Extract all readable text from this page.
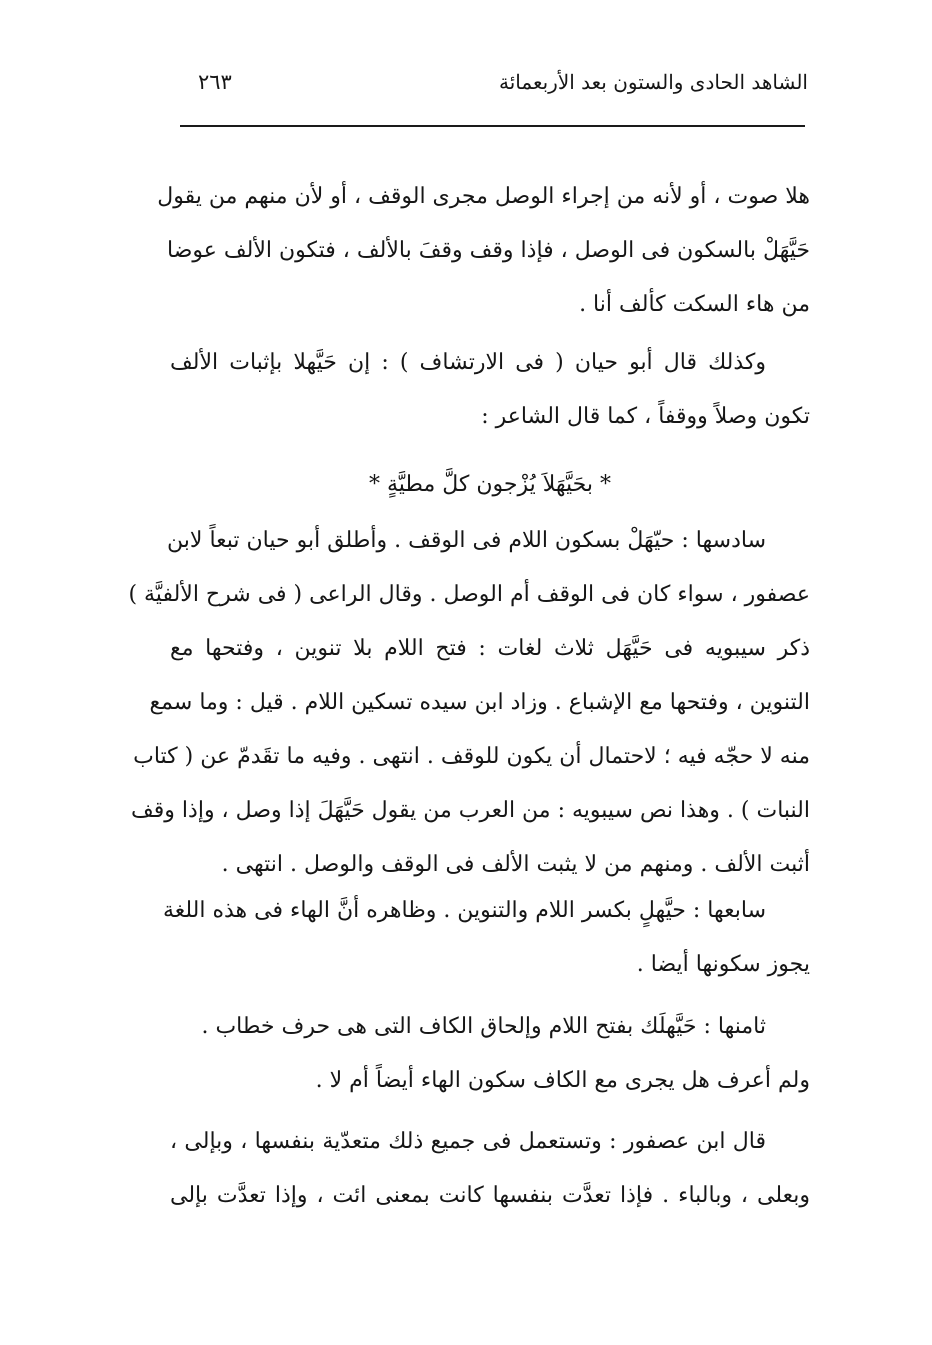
الشاهد الحادى والستون بعد الأربعمائة
٢٦٣
هلا صوت ، أو لأنه من إجراء الوصل مجرى الوقف ، أو لأن منهم من يقول
حَيَّهَلْ بالسكون فى الوصل ، فإذا وقف وقفَ بالألف ، فتكون الألف عوضا
من هاء السكت كألف أنا .
وكذلك قال أبو حيان ( فى الارتشاف ) : إن حَيَّهلا بإثبات الألف
تكون وصلاً ووقفاً ، كما قال الشاعر :
* بحَيَّهَلاَ يُزْجون كلَّ مطيَّةٍ *
سادسها : حيّهَلْ بسكون اللام فى الوقف . وأطلق أبو حيان تبعاً لابن
عصفور ، سواء كان فى الوقف أم الوصل . وقال الراعى ( فى شرح الألفيَّة )
ذكر سيبويه فى حَيَّهَل ثلاث لغات : فتح اللام بلا تنوين ، وفتحها مع
التنوين ، وفتحها مع الإشباع . وزاد ابن سيده تسكين اللام . قيل : وما سمع
منه لا حجّه فيه ؛ لاحتمال أن يكون للوقف . انتهى . وفيه ما تقَدمّ عن ( كتاب
النبات ) . وهذا نص سيبويه : من العرب من يقول حَيَّهَلَ إذا وصل ، وإذا وقف
أثبت الألف . ومنهم من لا يثبت الألف فى الوقف والوصل . انتهى .
سابعها : حيَّهلٍ بكسر اللام والتنوين . وظاهره أنَّ الهاء فى هذه اللغة
يجوز سكونها أيضا .
ثامنها : حَيَّهلَك بفتح اللام وإلحاق الكاف التى هى حرف خطاب .
ولم أعرف هل يجرى مع الكاف سكون الهاء أيضاً أم لا .
قال ابن عصفور : وتستعمل فى جميع ذلك متعدّية بنفسها ، وبإلى ،
وبعلى ، وبالباء . فإذا تعدَّت بنفسها كانت بمعنى ائت ، وإذا تعدَّت بإلى
